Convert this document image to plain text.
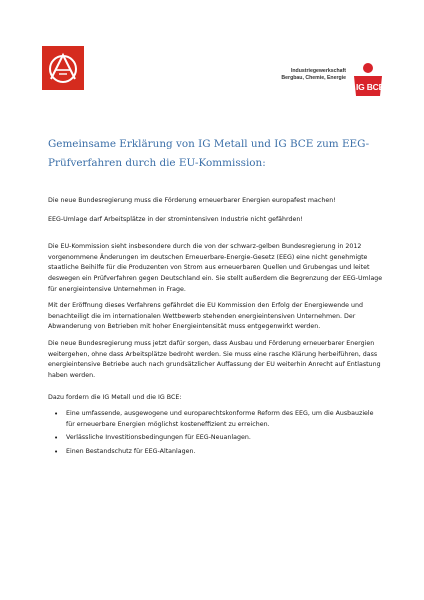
Industriegewerkschaft
Bergbau, Chemie, Energie
IG BCE
Gemeinsame Erklärung von IG Metall und IG BCE zum EEG-
Prüfverfahren durch die EU-Kommission:

Die neue Bundesregierung muss die Förderung erneuerbarer Energien europafest machen!

EEG-Umlage darf Arbeitsplätze in der stromintensiven Industrie nicht gefährden!

Die EU-Kommission sieht insbesondere durch die von der schwarz-gelben Bundesregierung in 2012 vorgenommene Änderungen im deutschen Erneuerbare-Energie-Gesetz (EEG) eine nicht genehmigte staatliche Beihilfe für die Produzenten von Strom aus erneuerbaren Quellen und Grubengas und leitet deswegen ein Prüfverfahren gegen Deutschland ein. Sie stellt außerdem die Begrenzung der EEG-Umlage für energieintensive Unternehmen in Frage.

Mit der Eröffnung dieses Verfahrens gefährdet die EU Kommission den Erfolg der Energiewende und benachteiligt die im internationalen Wettbewerb stehenden energieintensiven Unternehmen. Der Abwanderung von Betrieben mit hoher Energieintensität muss entgegenwirkt werden.

Die neue Bundesregierung muss jetzt dafür sorgen, dass Ausbau und Förderung erneuerbarer Energien weitergehen, ohne dass Arbeitsplätze bedroht werden. Sie muss eine rasche Klärung herbeiführen, dass energieintensive Betriebe auch nach grundsätzlicher Auffassung der EU weiterhin Anrecht auf Entlastung haben werden.

Dazu fordern die IG Metall und die IG BCE:

• Eine umfassende, ausgewogene und europarechtskonforme Reform des EEG, um die Ausbauziele für erneuerbare Energien möglichst kosteneffizient zu erreichen.
• Verlässliche Investitionsbedingungen für EEG-Neuanlagen.
• Einen Bestandschutz für EEG-Altanlagen.
